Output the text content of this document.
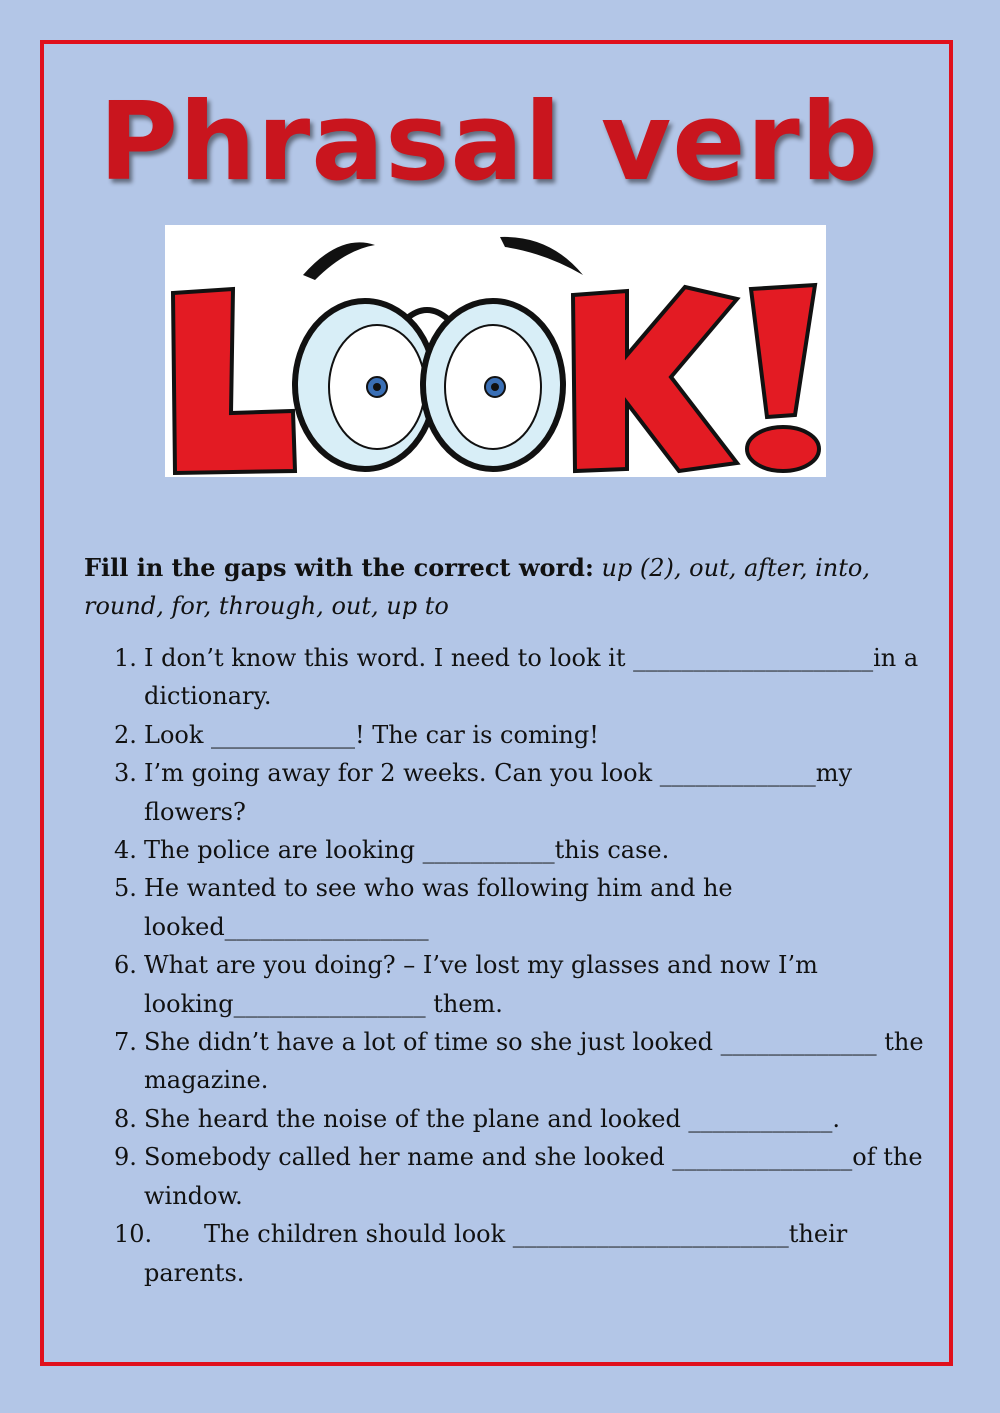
Phrasal verb

Fill in the gaps with the correct word: up (2), out, after, into, round, for, through, out, up to

1. I don’t know this word. I need to look it ____________________in a dictionary.
2. Look ____________! The car is coming!
3. I’m going away for 2 weeks. Can you look _____________my flowers?
4. The police are looking ___________this case.
5. He wanted to see who was following him and he looked_________________
6. What are you doing? – I’ve lost my glasses and now I’m looking________________ them.
7. She didn’t have a lot of time so she just looked _____________ the magazine.
8. She heard the noise of the plane and looked ____________.
9. Somebody called her name and she looked _______________of the window.
10. The children should look _______________________their parents.
